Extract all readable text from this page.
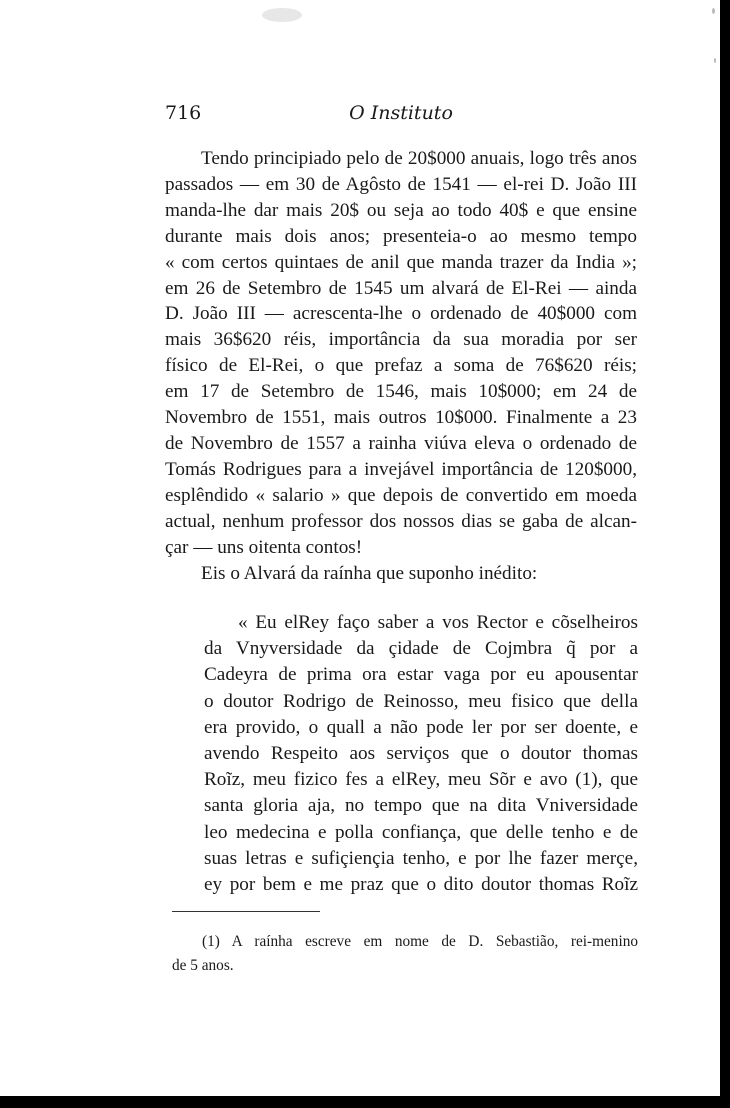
716	O Instituto
Tendo principiado pelo de 20$000 anuais, logo três anos
passados — em 30 de Agôsto de 1541 — el-rei D. João III
manda-lhe dar mais 20$ ou seja ao todo 40$ e que ensine
durante mais dois anos; presenteia-o ao mesmo tempo
« com certos quintaes de anil que manda trazer da India »;
em 26 de Setembro de 1545 um alvará de El-Rei — ainda
D. João III — acrescenta-lhe o ordenado de 40$000 com
mais 36$620 réis, importância da sua moradia por ser
físico de El-Rei, o que prefaz a soma de 76$620 réis;
em 17 de Setembro de 1546, mais 10$000; em 24 de
Novembro de 1551, mais outros 10$000. Finalmente a 23
de Novembro de 1557 a rainha viúva eleva o ordenado de
Tomás Rodrigues para a invejável importância de 120$000,
esplêndido « salario » que depois de convertido em moeda
actual, nenhum professor dos nossos dias se gaba de alcan-
çar — uns oitenta contos!
Eis o Alvará da raínha que suponho inédito:
« Eu elRey faço saber a vos Rector e cõselheiros
da Vnyversidade da çidade de Cojmbra q̃ por a
Cadeyra de prima ora estar vaga por eu apousentar
o doutor Rodrigo de Reinosso, meu fisico que della
era provido, o quall a não pode ler por ser doente, e
avendo Respeito aos serviços que o doutor thomas
Roĩz, meu fizico fes a elRey, meu Sõr e avo (1), que
santa gloria aja, no tempo que na dita Vniversidade
leo medecina e polla confiança, que delle tenho e de
suas letras e sufiçiençia tenho, e por lhe fazer merçe,
ey por bem e me praz que o dito doutor thomas Roĩz
(1) A raínha escreve em nome de D. Sebastião, rei-menino
de 5 anos.
